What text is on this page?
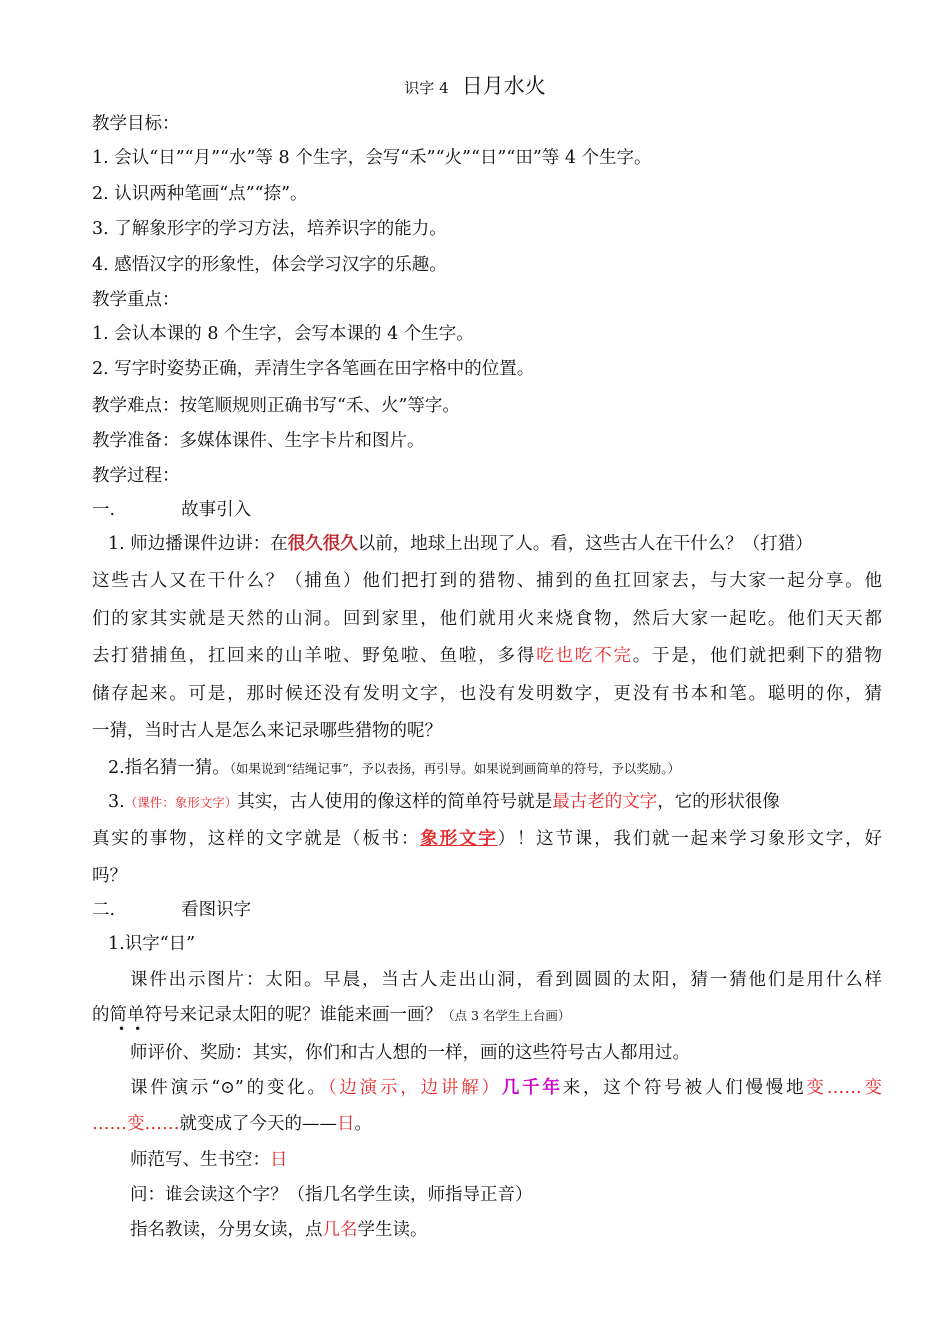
识字 4 日月水火
教学目标：
1. 会认“日”“月”“水”等 8 个生字，会写“禾”“火”“日”“田”等 4 个生字。
2. 认识两种笔画“点”“捺”。
3. 了解象形字的学习方法，培养识字的能力。
4. 感悟汉字的形象性，体会学习汉字的乐趣。
教学重点：
1. 会认本课的 8 个生字，会写本课的 4 个生字。
2. 写字时姿势正确，弄清生字各笔画在田字格中的位置。
教学难点：按笔顺规则正确书写“禾、火”等字。
教学准备：多媒体课件、生字卡片和图片。
教学过程：
一.	故事引入
1. 师边播课件边讲：在很久很久以前，地球上出现了人。看，这些古人在干什么？（打猎）
这些古人又在干什么？（捕鱼）他们把打到的猎物、捕到的鱼扛回家去，与大家一起分享。他
们的家其实就是天然的山洞。回到家里，他们就用火来烧食物，然后大家一起吃。他们天天都
去打猎捕鱼，扛回来的山羊啦、野兔啦、鱼啦，多得吃也吃不完。于是，他们就把剩下的猎物
储存起来。可是，那时候还没有发明文字，也没有发明数字，更没有书本和笔。聪明的你，猜
一猜，当时古人是怎么来记录哪些猎物的呢？
2.指名猜一猜。（如果说到“结绳记事”，予以表扬，再引导。如果说到画简单的符号，予以奖励。）
3.（课件：象形文字）其实，古人使用的像这样的简单符号就是最古老的文字，它的形状很像
真实的事物，这样的文字就是（板书：象形文字）！这节课，我们就一起来学习象形文字，好
吗？
二.	看图识字
1.识字“日”
课件出示图片：太阳。早晨，当古人走出山洞，看到圆圆的太阳，猜一猜他们是用什么样
的简单符号来记录太阳的呢？谁能来画一画？（点 3 名学生上台画）
••
师评价、奖励：其实，你们和古人想的一样，画的这些符号古人都用过。
课件演示“⊙”的变化。（边演示，边讲解）几千年来，这个符号被人们慢慢地变……变
……变……就变成了今天的——日。
师范写、生书空：日
问：谁会读这个字？（指几名学生读，师指导正音）
指名教读，分男女读，点几名学生读。
